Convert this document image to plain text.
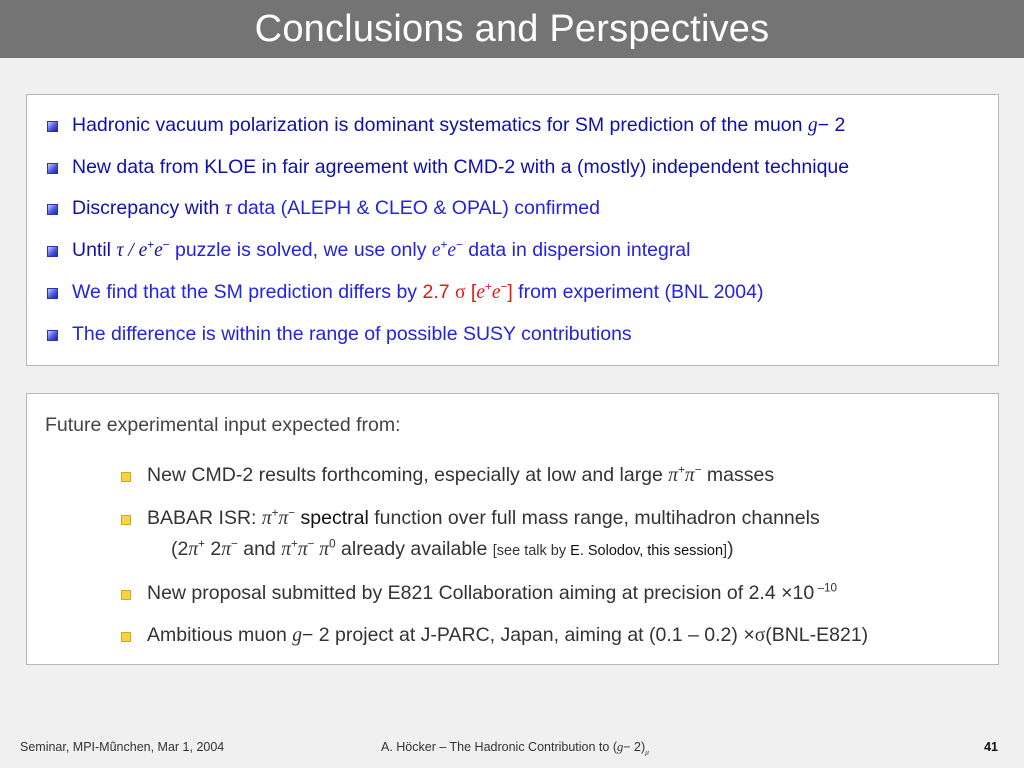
Conclusions and Perspectives
Hadronic vacuum polarization is dominant systematics for SM prediction of the muon g− 2
New data from KLOE in fair agreement with CMD-2 with a (mostly) independent technique
Discrepancy with τ data (ALEPH & CLEO & OPAL) confirmed
Until τ / e+e− puzzle is solved, we use only e+e− data in dispersion integral
We find that the SM prediction differs by 2.7 σ [e+e−] from experiment (BNL 2004)
The difference is within the range of possible SUSY contributions
Future experimental input expected from:
New CMD-2 results forthcoming, especially at low and large π+π− masses
BABAR ISR: π+π− spectral function over full mass range, multihadron channels
(2π+ 2π− and π+π− $\pi^0$ already available [see talk by E. Solodov, this session])
New proposal submitted by E821 Collaboration aiming at precision of 2.4 ×10 $^{-10}$
Ambitious muon g− 2 project at J-PARC, Japan, aiming at (0.1 – 0.2) ×σ(BNL-E821)
Seminar, MPI-Mũnchen, Mar 1, 2004	A. Höcker – The Hadronic Contribution to $(g- 2)_\mu$	41
